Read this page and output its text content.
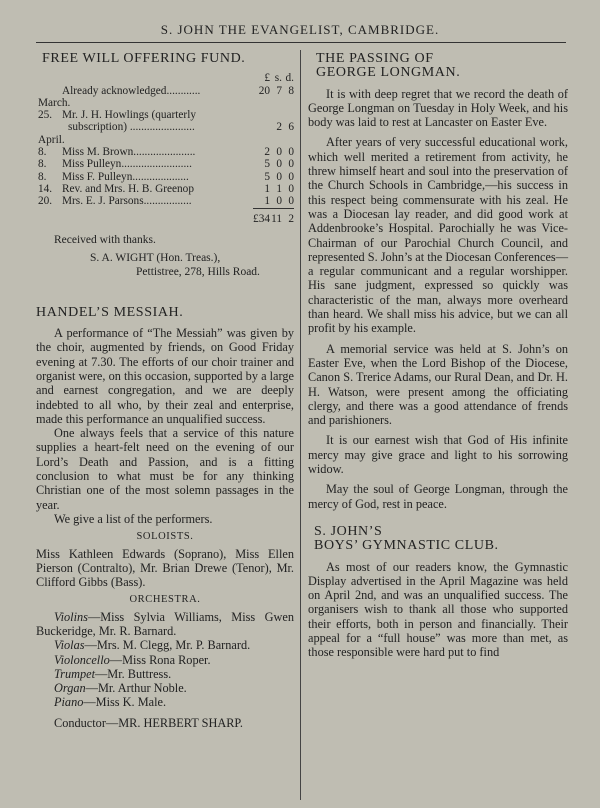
S. JOHN THE EVANGELIST, CAMBRIDGE.
FREE WILL OFFERING FUND.
		£	s.	d.
	Already acknowledged............	20	7	8
March.				
25.	Mr. J. H. Howlings (quarterly			
	subscription) .......................		2	6
April.				
8.	Miss M. Brown......................	2	0	0
8.	Miss Pulleyn.........................	5	0	0
8.	Miss F. Pulleyn....................	5	0	0
14.	Rev. and Mrs. H. B. Greenop	1	1	0
20.	Mrs. E. J. Parsons.................	1	0	0
		£34	11	2
Received with thanks.
S. A. WIGHT (Hon. Treas.),
Pettistree, 278, Hills Road.
HANDEL’S MESSIAH.

A performance of “The Messiah” was given by the choir, augmented by friends, on Good Friday evening at 7.30. The efforts of our choir trainer and organist were, on this occasion, supported by a large and earnest congregation, and we are deeply indebted to all who, by their zeal and enterprise, made this performance an unqualified success.

One always feels that a service of this nature supplies a heart-felt need on the evening of our Lord’s Death and Passion, and is a fitting conclusion to what must be for any thinking Christian one of the most solemn passages in the year.

We give a list of the performers.

SOLOISTS.

Miss Kathleen Edwards (Soprano), Miss Ellen Pierson (Contralto), Mr. Brian Drewe (Tenor), Mr. Clifford Gibbs (Bass).

ORCHESTRA.

Violins—Miss Sylvia Williams, Miss Gwen Buckeridge, Mr. R. Barnard.

Violas—Mrs. M. Clegg, Mr. P. Barnard.

Violoncello—Miss Rona Roper.

Trumpet—Mr. Buttress.

Organ—Mr. Arthur Noble.

Piano—Miss K. Male.

Conductor—MR. HERBERT SHARP.

THE PASSING OF
GEORGE LONGMAN.

It is with deep regret that we record the death of George Longman on Tuesday in Holy Week, and his body was laid to rest at Lancaster on Easter Eve.

After years of very successful educational work, which well merited a retirement from activity, he threw himself heart and soul into the preservation of the Church Schools in Cambridge,—his success in this respect being commensurate with his zeal. He was a Diocesan lay reader, and did good work at Addenbrooke’s Hospital. Parochially he was Vice-Chairman of our Parochial Church Council, and represented S. John’s at the Diocesan Conferences—a regular communicant and a regular worshipper. His sane judgment, expressed so quickly was characteristic of the man, always more overheard than heard. We shall miss his advice, but we can all profit by his example.

A memorial service was held at S. John’s on Easter Eve, when the Lord Bishop of the Diocese, Canon S. Trerice Adams, our Rural Dean, and Dr. H. H. Watson, were present among the officiating clergy, and there was a good attendance of frends and parishioners.

It is our earnest wish that God of His infinite mercy may give grace and light to his sorrowing widow.

May the soul of George Longman, through the mercy of God, rest in peace.

S. JOHN’S
BOYS’ GYMNASTIC CLUB.

As most of our readers know, the Gymnastic Display advertised in the April Magazine was held on April 2nd, and was an unqualified success. The organisers wish to thank all those who supported their efforts, both in person and financially. Their appeal for a “full house” was more than met, as those responsible were hard put to find
